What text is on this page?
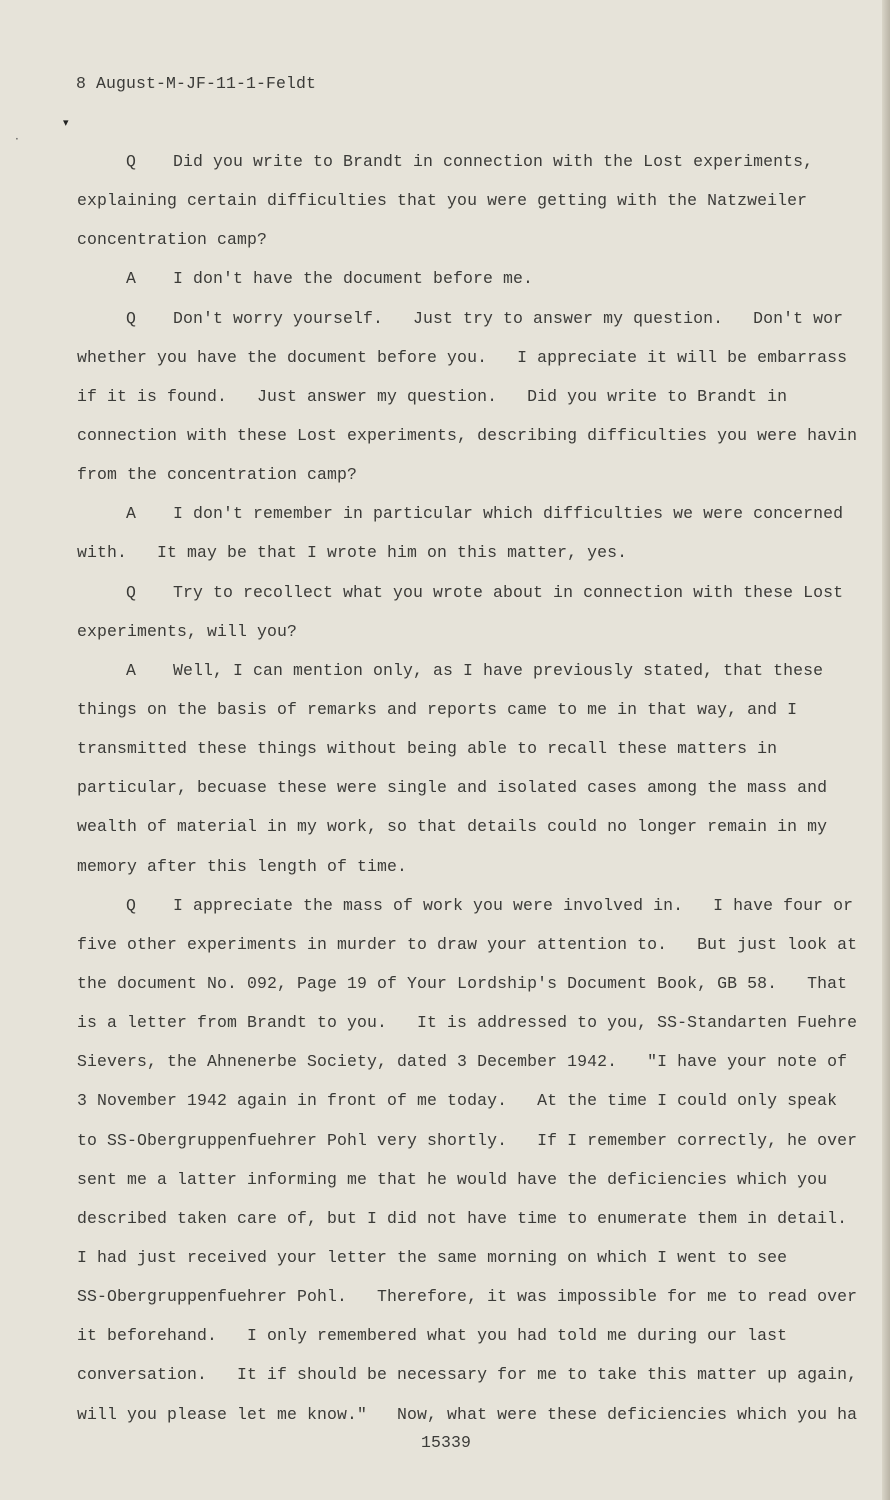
8 August-M-JF-11-1-Feldt
▾
·
Q Did you write to Brandt in connection with the Lost experiments,
explaining certain difficulties that you were getting with the Natzweiler
concentration camp?
A I don't have the document before me.
Q Don't worry yourself.   Just try to answer my question.   Don't wor
whether you have the document before you.   I appreciate it will be embarrass
if it is found.   Just answer my question.   Did you write to Brandt in
connection with these Lost experiments, describing difficulties you were havin
from the concentration camp?
A I don't remember in particular which difficulties we were concerned
with.   It may be that I wrote him on this matter, yes.
Q Try to recollect what you wrote about in connection with these Lost
experiments, will you?
A Well, I can mention only, as I have previously stated, that these
things on the basis of remarks and reports came to me in that way, and I
transmitted these things without being able to recall these matters in
particular, becuase these were single and isolated cases among the mass and
wealth of material in my work, so that details could no longer remain in my
memory after this length of time.
Q I appreciate the mass of work you were involved in.   I have four or
five other experiments in murder to draw your attention to.   But just look at
the document No. 092, Page 19 of Your Lordship's Document Book, GB 58.   That
is a letter from Brandt to you.   It is addressed to you, SS-Standarten Fuehre
Sievers, the Ahnenerbe Society, dated 3 December 1942.   "I have your note of
3 November 1942 again in front of me today.   At the time I could only speak
to SS-Obergruppenfuehrer Pohl very shortly.   If I remember correctly, he over
sent me a latter informing me that he would have the deficiencies which you
described taken care of, but I did not have time to enumerate them in detail.
I had just received your letter the same morning on which I went to see
SS-Obergruppenfuehrer Pohl.   Therefore, it was impossible for me to read over
it beforehand.   I only remembered what you had told me during our last
conversation.   It if should be necessary for me to take this matter up again,
will you please let me know."   Now, what were these deficiencies which you ha
15339
